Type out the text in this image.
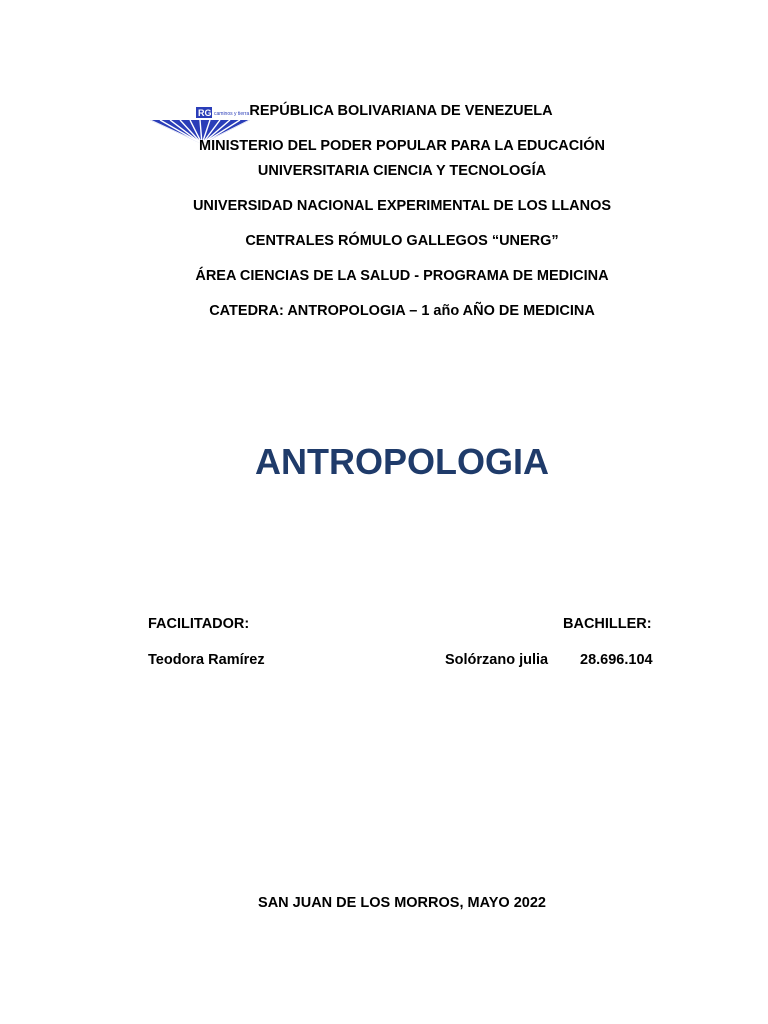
RG caminos y tierra REPÚBLICA BOLIVARIANA DE VENEZUELA
MINISTERIO DEL PODER POPULAR PARA LA EDUCACIÓN
UNIVERSITARIA CIENCIA Y TECNOLOGÍA
UNIVERSIDAD NACIONAL EXPERIMENTAL DE LOS LLANOS
CENTRALES RÓMULO GALLEGOS “UNERG”
ÁREA CIENCIAS DE LA SALUD - PROGRAMA DE MEDICINA
CATEDRA: ANTROPOLOGIA – 1 año AÑO DE MEDICINA
ANTROPOLOGIA
FACILITADOR:	BACHILLER:
Teodora Ramírez	Solórzano julia 28.696.104
SAN JUAN DE LOS MORROS, MAYO 2022
